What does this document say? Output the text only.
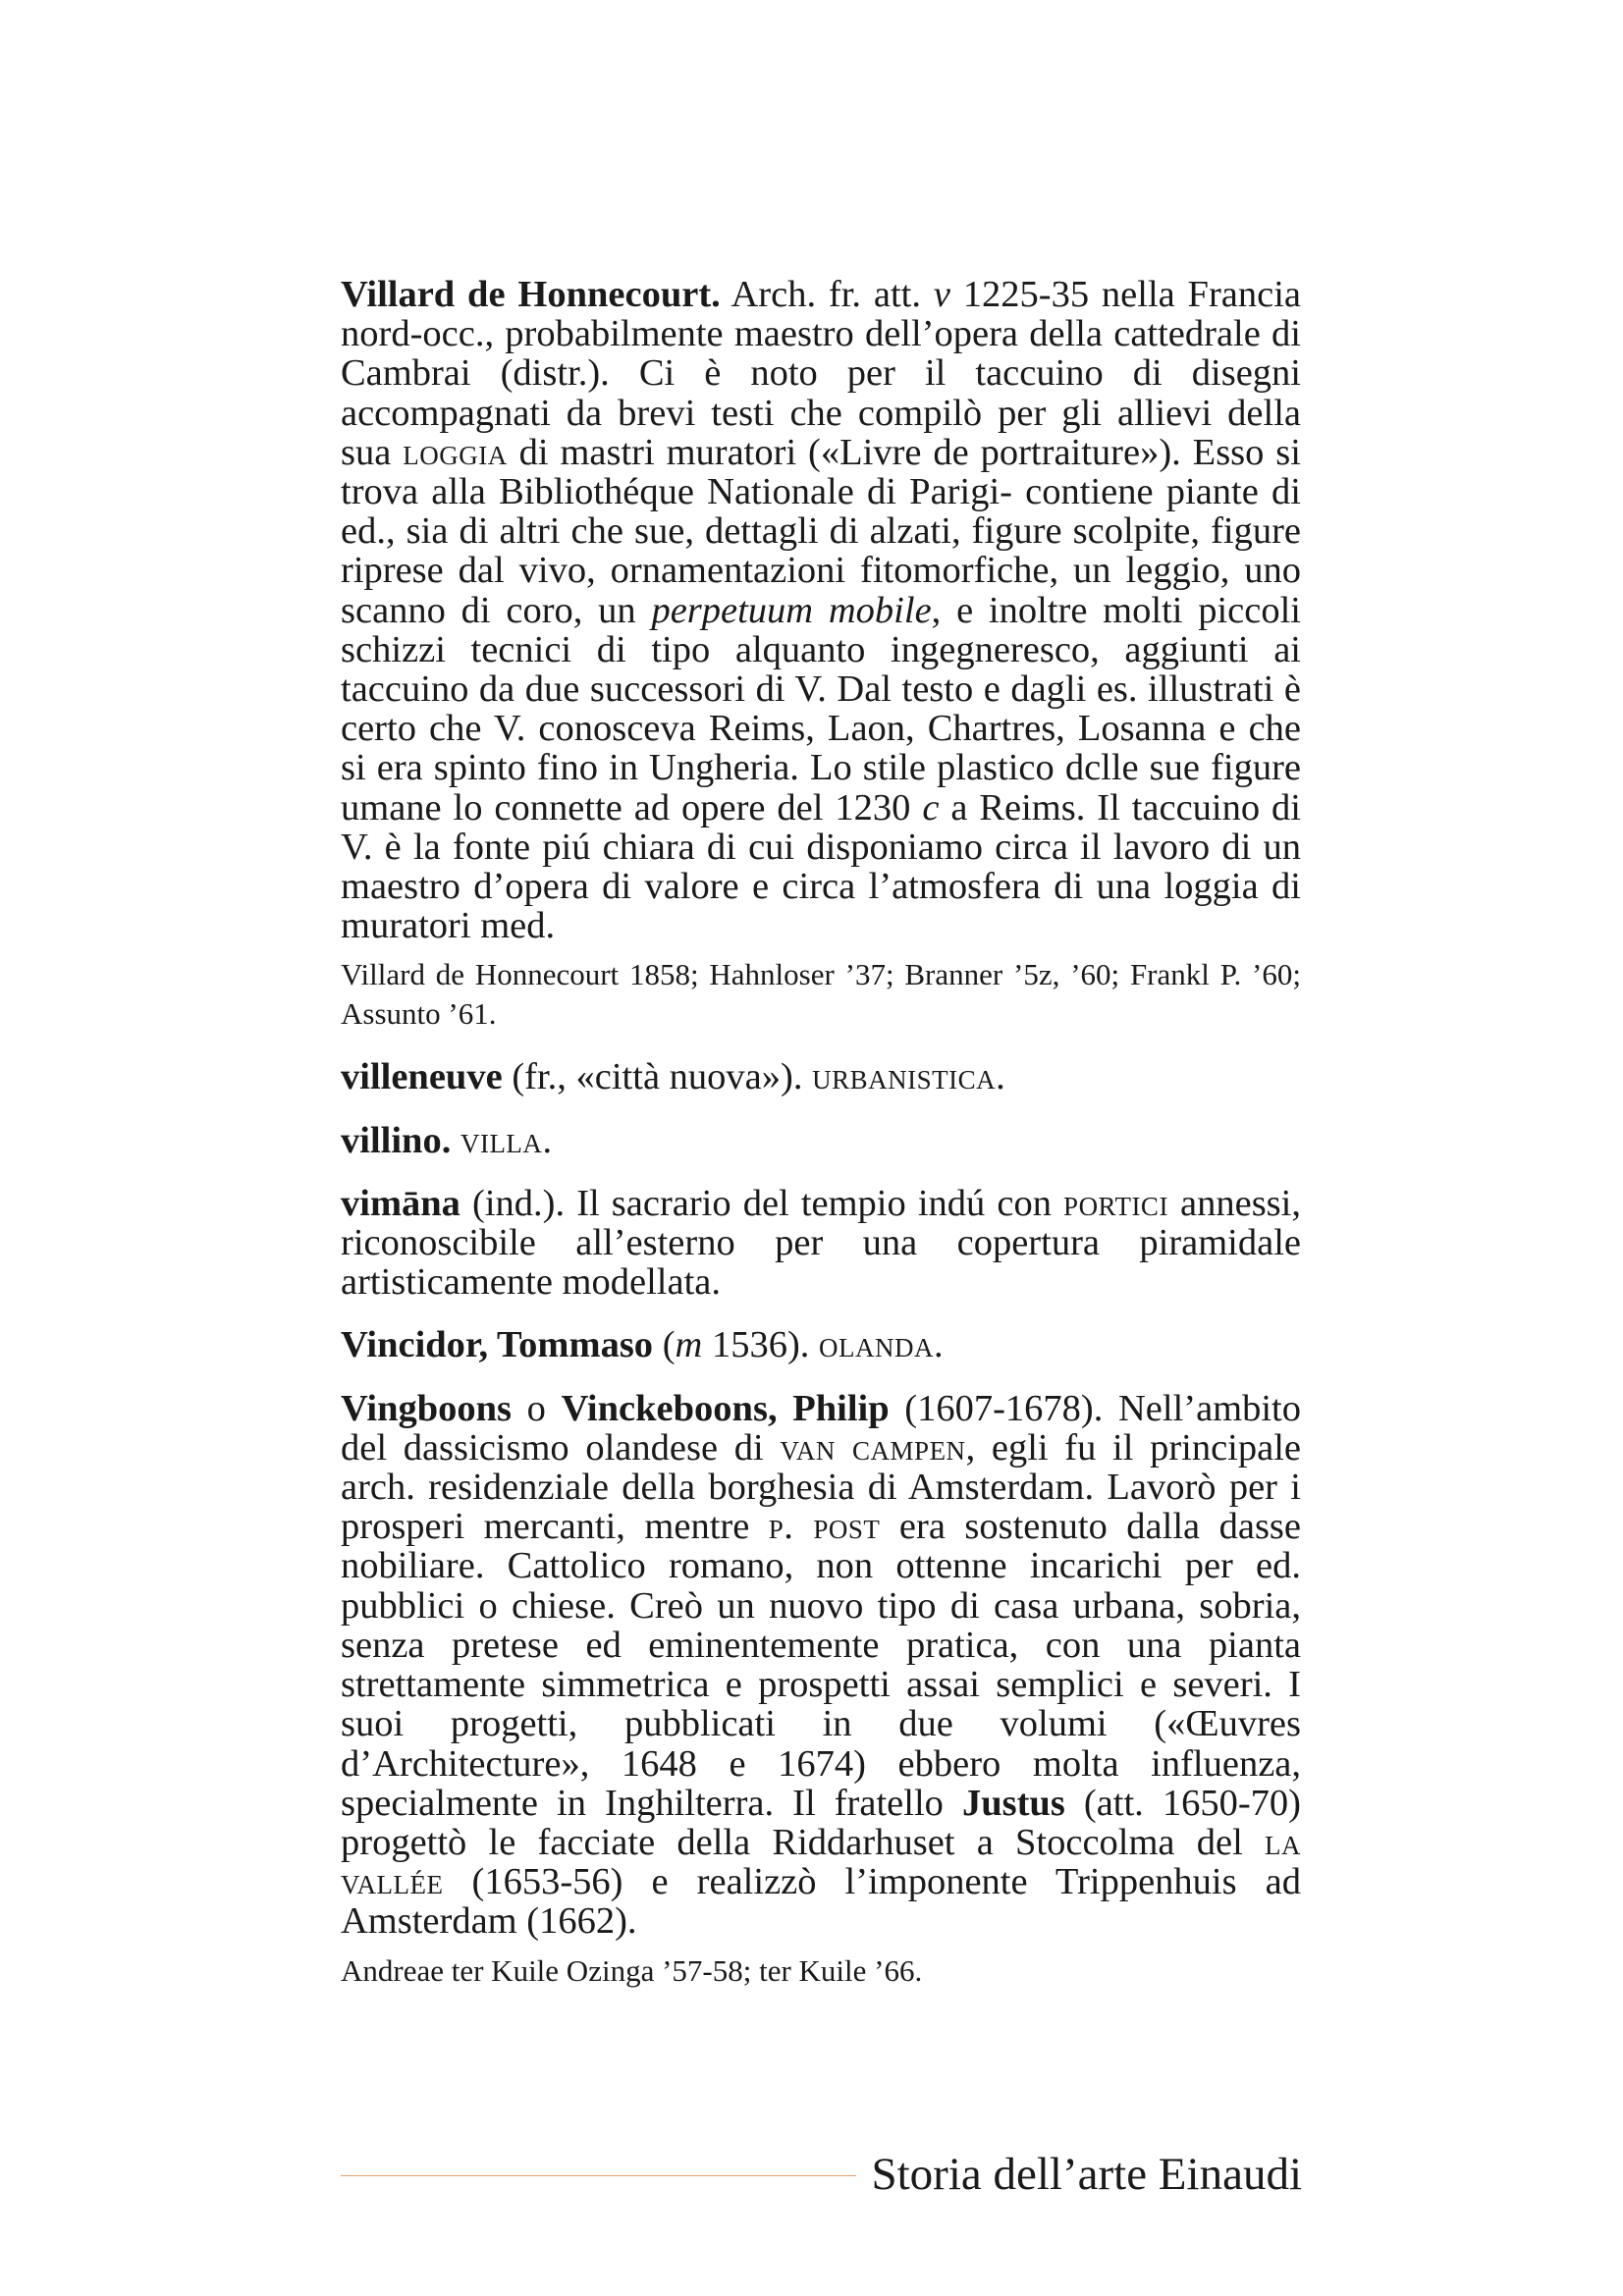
Villard de Honnecourt. Arch. fr. att. v 1225-35 nella Francia nord-occ., probabilmente maestro dell’opera della cattedrale di Cambrai (distr.). Ci è noto per il taccuino di disegni accompagnati da brevi testi che compilò per gli allievi della sua loggia di mastri muratori («Livre de portraiture»). Esso si trova alla Bibliothéque Nationale di Parigi- contiene piante di ed., sia di altri che sue, dettagli di alzati, figure scolpite, figure riprese dal vivo, ornamentazioni fitomorfiche, un leggio, uno scanno di coro, un perpetuum mobile, e inoltre molti piccoli schizzi tecnici di tipo alquanto ingegneresco, aggiunti ai taccuino da due successori di V. Dal testo e dagli es. illustrati è certo che V. conosceva Reims, Laon, Chartres, Losanna e che si era spinto fino in Ungheria. Lo stile plastico dclle sue figure umane lo connette ad opere del 1230 c a Reims. Il taccuino di V. è la fonte piú chiara di cui disponiamo circa il lavoro di un maestro d’opera di valore e circa l’atmosfera di una loggia di muratori med.

Villard de Honnecourt 1858; Hahnloser ’37; Branner ’5z, ’60; Frankl P. ’60; Assunto ’61.

villeneuve (fr., «città nuova»). urbanistica.

villino. villa.

vimāna (ind.). Il sacrario del tempio indú con portici annessi, riconoscibile all’esterno per una copertura piramidale artisticamente modellata.

Vincidor, Tommaso (m 1536). olanda.

Vingboons o Vinckeboons, Philip (1607-1678). Nell’ambito del dassicismo olandese di van campen, egli fu il principale arch. residenziale della borghesia di Amsterdam. Lavorò per i prosperi mercanti, mentre p. post era sostenuto dalla dasse nobiliare. Cattolico romano, non ottenne incarichi per ed. pubblici o chiese. Creò un nuovo tipo di casa urbana, sobria, senza pretese ed eminentemente pratica, con una pianta strettamente simmetrica e prospetti assai semplici e severi. I suoi progetti, pubblicati in due volumi («Œuvres d’Architecture», 1648 e 1674) ebbero molta influenza, specialmente in Inghilterra. Il fratello Justus (att. 1650-70) progettò le facciate della Riddarhuset a Stoccolma del la vallée (1653-56) e realizzò l’imponente Trippenhuis ad Amsterdam (1662).

Andreae ter Kuile Ozinga ’57-58; ter Kuile ’66.

Storia dell’arte Einaudi
